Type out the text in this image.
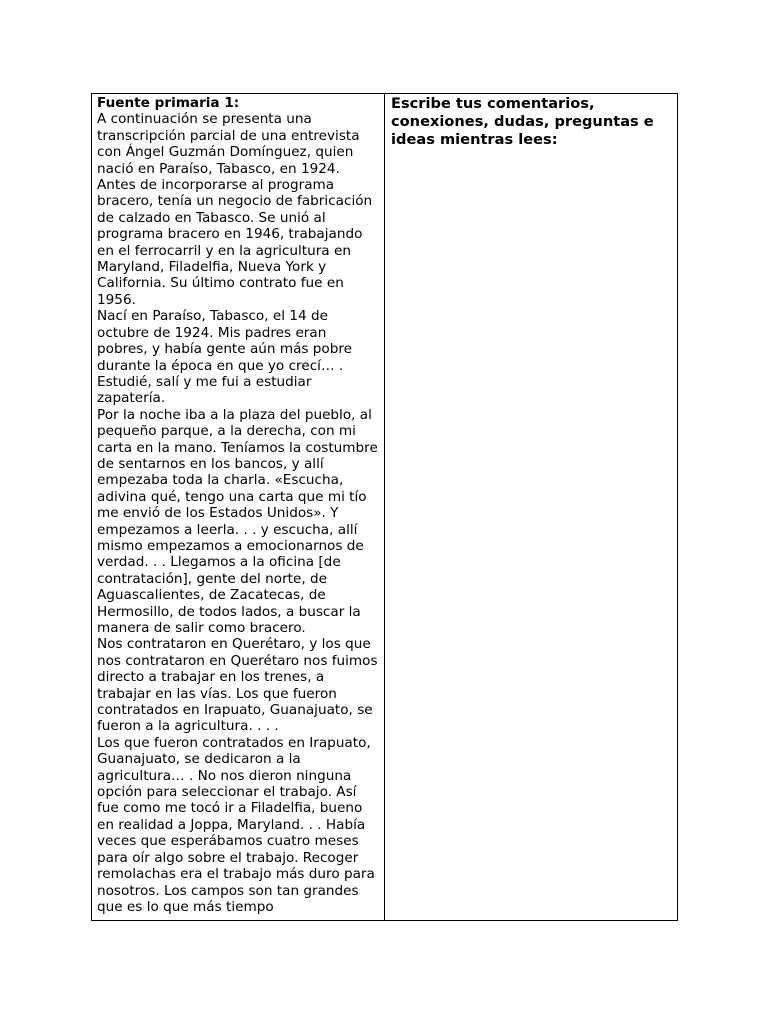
Fuente primaria 1:

A continuación se presenta una transcripción parcial de una entrevista con Ángel Guzmán Domínguez, quien nació en Paraíso, Tabasco, en 1924. Antes de incorporarse al programa bracero, tenía un negocio de fabricación de calzado en Tabasco. Se unió al programa bracero en 1946, trabajando en el ferrocarril y en la agricultura en Maryland, Filadelfia, Nueva York y California. Su último contrato fue en 1956.

Nací en Paraíso, Tabasco, el 14 de octubre de 1924. Mis padres eran pobres, y había gente aún más pobre durante la época en que yo crecí… . Estudié, salí y me fui a estudiar zapatería.

Por la noche iba a la plaza del pueblo, al pequeño parque, a la derecha, con mi carta en la mano. Teníamos la costumbre de sentarnos en los bancos, y allí empezaba toda la charla. «Escucha, adivina qué, tengo una carta que mi tío me envió de los Estados Unidos». Y empezamos a leerla. . . y escucha, allí mismo empezamos a emocionarnos de verdad. . . Llegamos a la oficina [de contratación], gente del norte, de Aguascalientes, de Zacatecas, de Hermosillo, de todos lados, a buscar la manera de salir como bracero.

Nos contrataron en Querétaro, y los que nos contrataron en Querétaro nos fuimos directo a trabajar en los trenes, a trabajar en las vías. Los que fueron contratados en Irapuato, Guanajuato, se fueron a la agricultura. . . .

Los que fueron contratados en Irapuato, Guanajuato, se dedicaron a la agricultura… . No nos dieron ninguna opción para seleccionar el trabajo. Así fue como me tocó ir a Filadelfia, bueno en realidad a Joppa, Maryland. . . Había veces que esperábamos cuatro meses para oír algo sobre el trabajo. Recoger remolachas era el trabajo más duro para nosotros. Los campos son tan grandes que es lo que más tiempo

Escribe tus comentarios, conexiones, dudas, preguntas e ideas mientras lees:
